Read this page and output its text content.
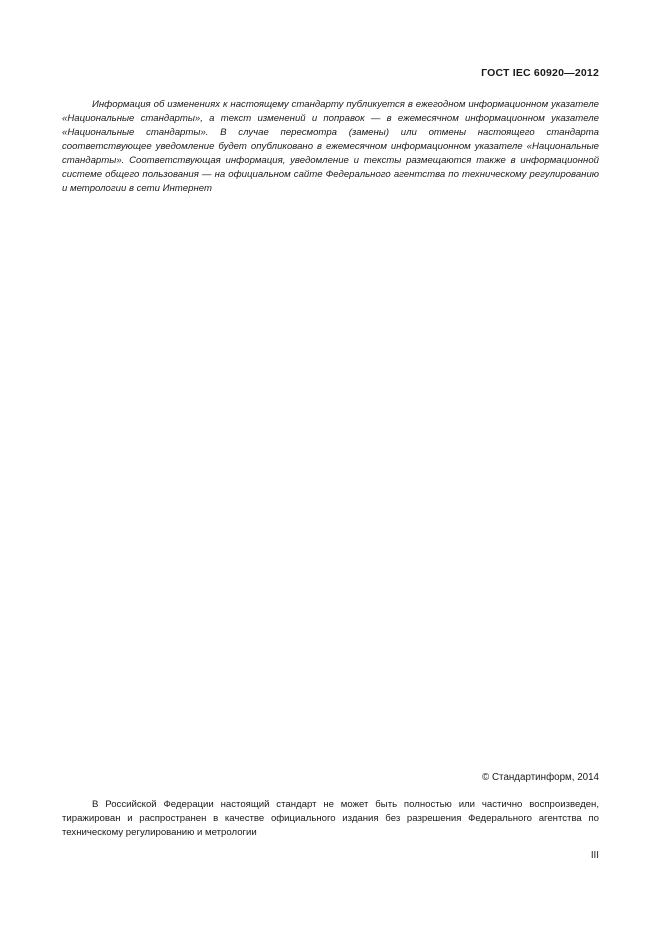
ГОСТ IEC 60920—2012

Информация об изменениях к настоящему стандарту публикуется в ежегодном информационном указателе «Национальные стандарты», а текст изменений и поправок — в ежемесячном информационном указателе «Национальные стандарты». В случае пересмотра (замены) или отмены настоящего стандарта соответствующее уведомление будет опубликовано в ежемесячном информационном указателе «Национальные стандарты». Соответствующая информация, уведомление и тексты размещаются также в информационной системе общего пользования — на официальном сайте Федерального агентства по техническому регулированию и метрологии в сети Интернет

© Стандартинформ, 2014

В Российской Федерации настоящий стандарт не может быть полностью или частично воспроизведен, тиражирован и распространен в качестве официального издания без разрешения Федерального агентства по техническому регулированию и метрологии

III
